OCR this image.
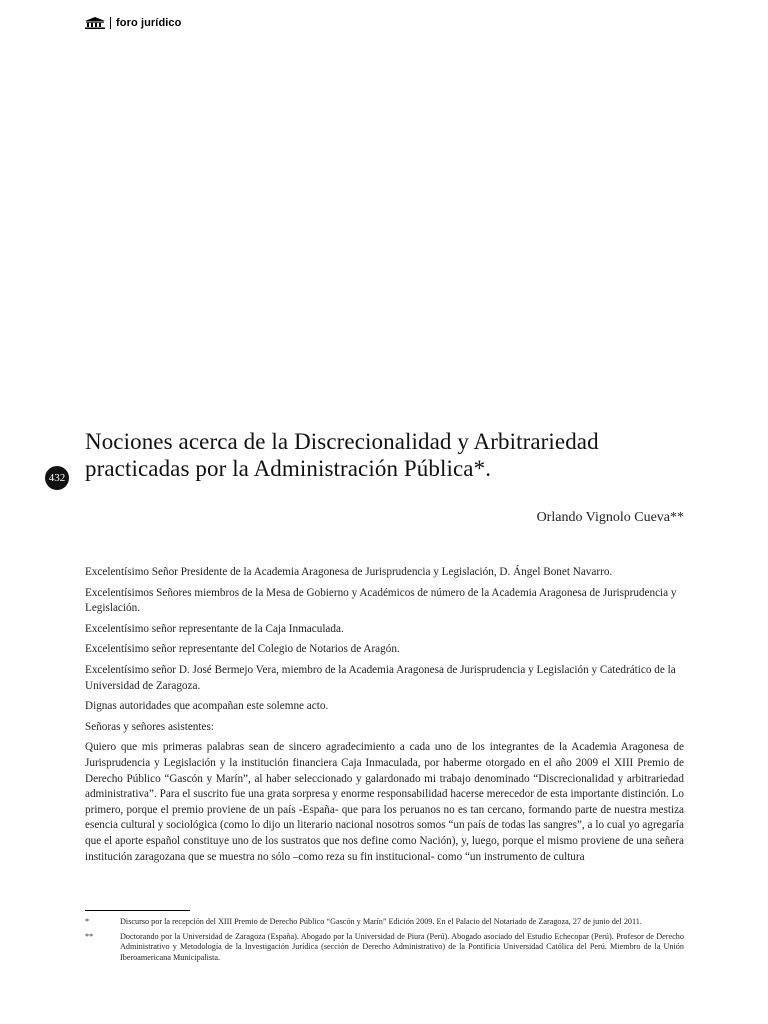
foro jurídico
432
Nociones acerca de la Discrecionalidad y Arbitrariedad practicadas por la Administración Pública*.
Orlando Vignolo Cueva**

Excelentísimo Señor Presidente de la Academia Aragonesa de Jurisprudencia y Legislación, D. Ángel Bonet Navarro.

Excelentísimos Señores miembros de la Mesa de Gobierno y Académicos de número de la Academia Aragonesa de Jurisprudencia y Legislación.

Excelentísimo señor representante de la Caja Inmaculada.

Excelentísimo señor representante del Colegio de Notarios de Aragón.

Excelentísimo señor D. José Bermejo Vera, miembro de la Academia Aragonesa de Jurisprudencia y Legislación y Catedrático de la Universidad de Zaragoza.

Dignas autoridades que acompañan este solemne acto.

Señoras y señores asistentes:

Quiero que mis primeras palabras sean de sincero agradecimiento a cada uno de los integrantes de la Academia Aragonesa de Jurisprudencia y Legislación y la institución financiera Caja Inmaculada, por haberme otorgado en el año 2009 el XIII Premio de Derecho Público “Gascón y Marín”, al haber seleccionado y galardonado mi trabajo denominado “Discrecionalidad y arbitrariedad administrativa”. Para el suscrito fue una grata sorpresa y enorme responsabilidad hacerse merecedor de esta importante distinción. Lo primero, porque el premio proviene de un país -España- que para los peruanos no es tan cercano, formando parte de nuestra mestiza esencia cultural y sociológica (como lo dijo un literario nacional nosotros somos “un país de todas las sangres”, a lo cual yo agregaría que el aporte español constituye uno de los sustratos que nos define como Nación), y, luego, porque el mismo proviene de una señera institución zaragozana que se muestra no sólo –como reza su fin institucional- como “un instrumento de cultura

*	Discurso por la recepción del XIII Premio de Derecho Público “Gascón y Marín” Edición 2009. En el Palacio del Notariado de Zaragoza, 27 de junio del 2011.
**	Doctorando por la Universidad de Zaragoza (España). Abogado por la Universidad de Piura (Perú). Abogado asociado del Estudio Echecopar (Perú). Profesor de Derecho Administrativo y Metodología de la Investigación Jurídica (sección de Derecho Administrativo) de la Pontificia Universidad Católica del Perú. Miembro de la Unión Iberoamericana Municipalista.
